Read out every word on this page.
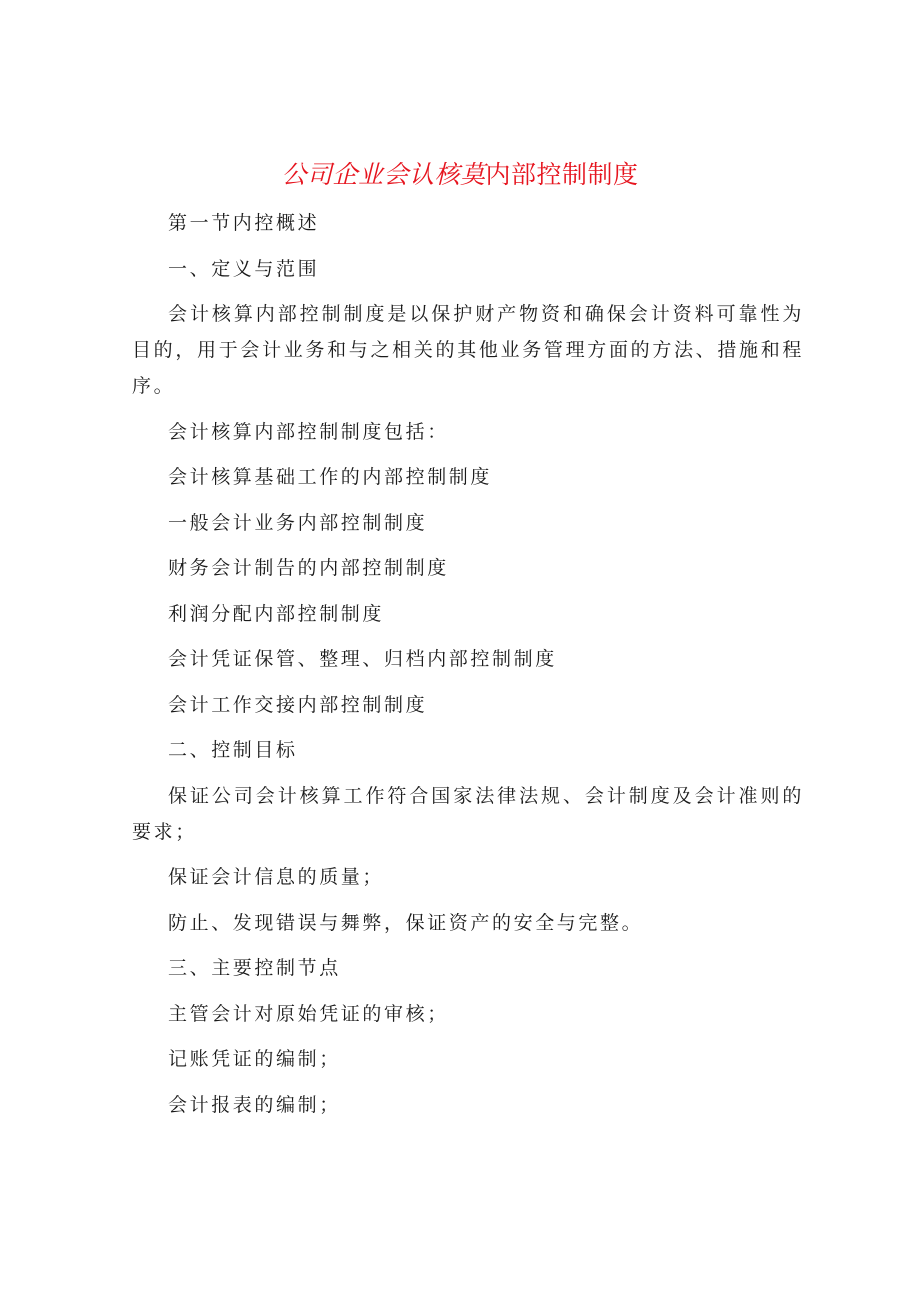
公司企业会认核莫内部控制制度

第一节内控概述

一、定义与范围

会计核算内部控制制度是以保护财产物资和确保会计资料可靠性为目的，用于会计业务和与之相关的其他业务管理方面的方法、措施和程序。

会计核算内部控制制度包括：

会计核算基础工作的内部控制制度

一般会计业务内部控制制度

财务会计制告的内部控制制度

利润分配内部控制制度

会计凭证保管、整理、归档内部控制制度

会计工作交接内部控制制度

二、控制目标

保证公司会计核算工作符合国家法律法规、会计制度及会计准则的要求；

保证会计信息的质量；

防止、发现错误与舞弊，保证资产的安全与完整。

三、主要控制节点

主管会计对原始凭证的审核；

记账凭证的编制；

会计报表的编制；
